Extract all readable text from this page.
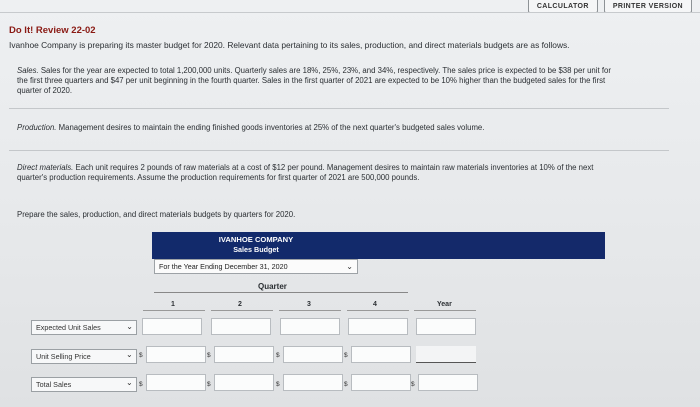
CALCULATOR	PRINTER VERSION
Do It! Review 22-02
Ivanhoe Company is preparing its master budget for 2020. Relevant data pertaining to its sales, production, and direct materials budgets are as follows.
Sales. Sales for the year are expected to total 1,200,000 units. Quarterly sales are 18%, 25%, 23%, and 34%, respectively. The sales price is expected to be $38 per unit for the first three quarters and $47 per unit beginning in the fourth quarter. Sales in the first quarter of 2021 are expected to be 10% higher than the budgeted sales for the first quarter of 2020.
Production. Management desires to maintain the ending finished goods inventories at 25% of the next quarter's budgeted sales volume.
Direct materials. Each unit requires 2 pounds of raw materials at a cost of $12 per pound. Management desires to maintain raw materials inventories at 10% of the next quarter's production requirements. Assume the production requirements for first quarter of 2021 are 500,000 pounds.
Prepare the sales, production, and direct materials budgets by quarters for 2020.
IVANHOE COMPANY
Sales Budget
For the Year Ending December 31, 2020	⌄
Quarter
1	2	3	4	Year
Expected Unit Sales	⌄
Unit Selling Price	⌄ $	$	$	$
Total Sales	⌄ $	$	$	$	$
